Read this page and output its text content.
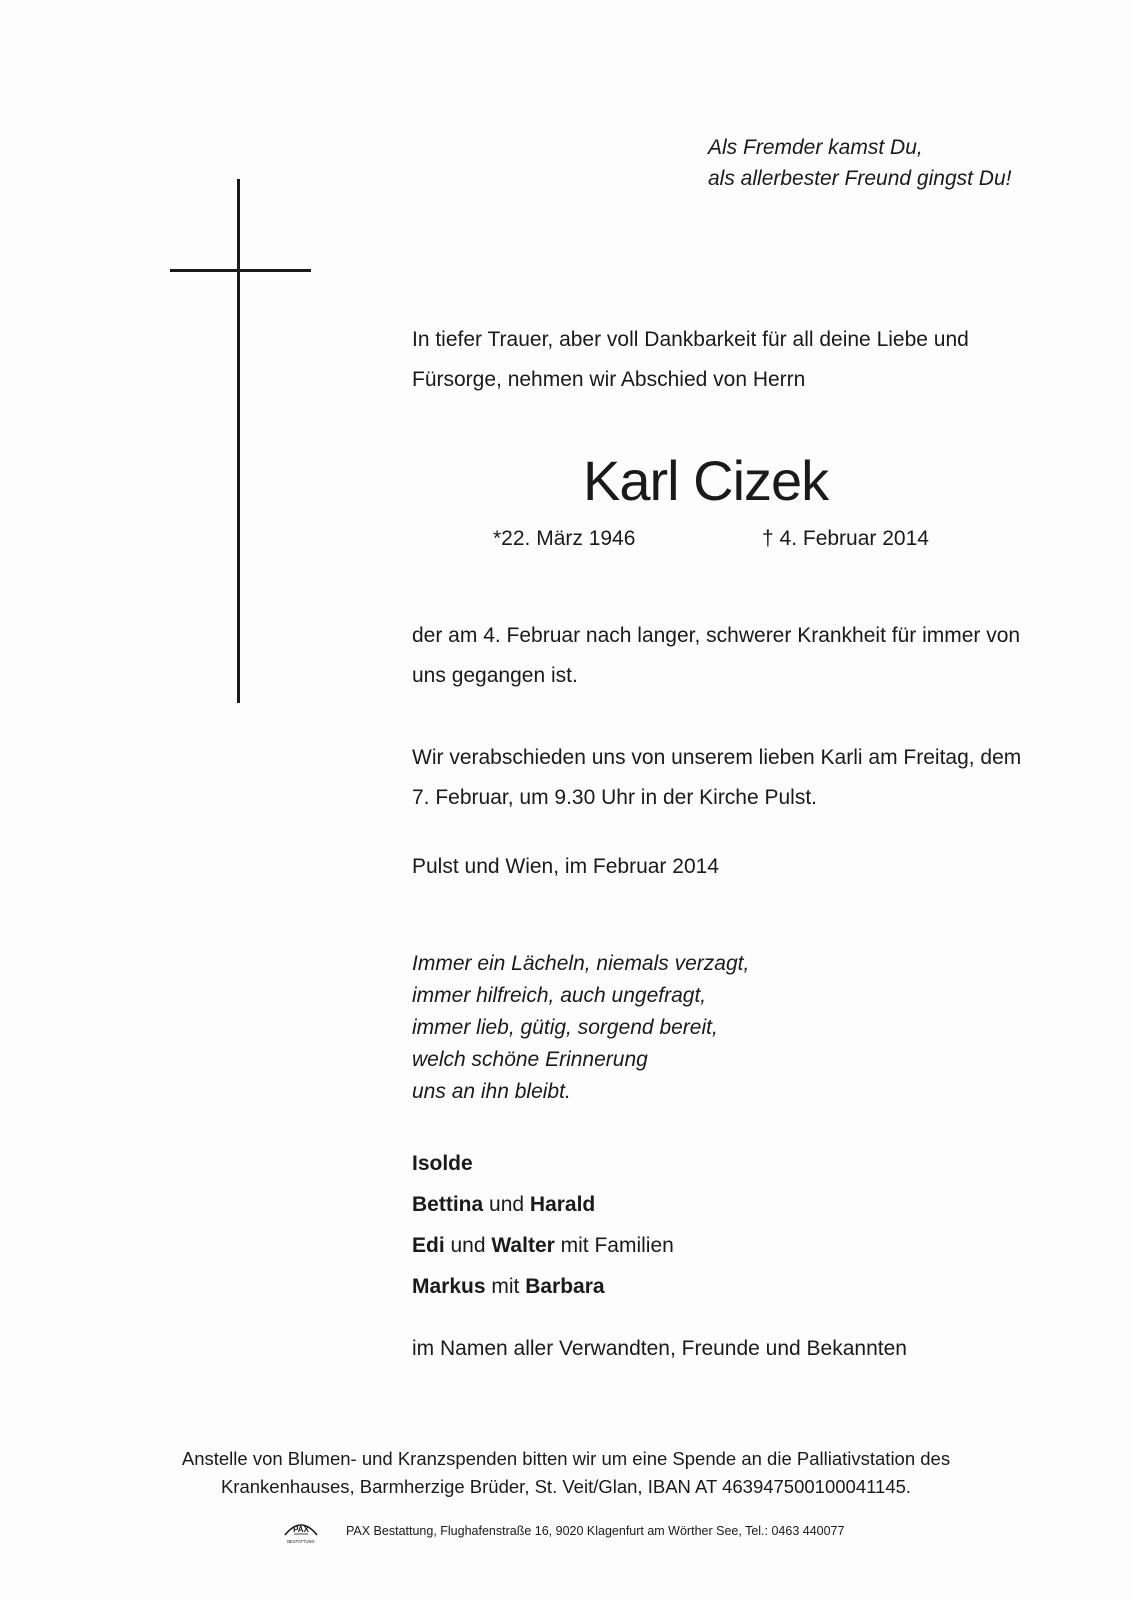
Als Fremder kamst Du,
als allerbester Freund gingst Du!
In tiefer Trauer, aber voll Dankbarkeit für all deine Liebe und
Fürsorge, nehmen wir Abschied von Herrn
Karl Cizek
*22. März 1946	† 4. Februar 2014
der am 4. Februar nach langer, schwerer Krankheit für immer von
uns gegangen ist.
Wir verabschieden uns von unserem lieben Karli am Freitag, dem
7. Februar, um 9.30 Uhr in der Kirche Pulst.
Pulst und Wien, im Februar 2014
Immer ein Lächeln, niemals verzagt,
immer hilfreich, auch ungefragt,
immer lieb, gütig, sorgend bereit,
welch schöne Erinnerung
uns an ihn bleibt.
Isolde
Bettina und Harald
Edi und Walter mit Familien
Markus mit Barbara
im Namen aller Verwandten, Freunde und Bekannten
Anstelle von Blumen- und Kranzspenden bitten wir um eine Spende an die Palliativstation des
Krankenhauses, Barmherzige Brüder, St. Veit/Glan, IBAN AT 463947500100041145.
PAX
BESTATTUNG
PAX Bestattung, Flughafenstraße 16, 9020 Klagenfurt am Wörther See, Tel.: 0463 440077
